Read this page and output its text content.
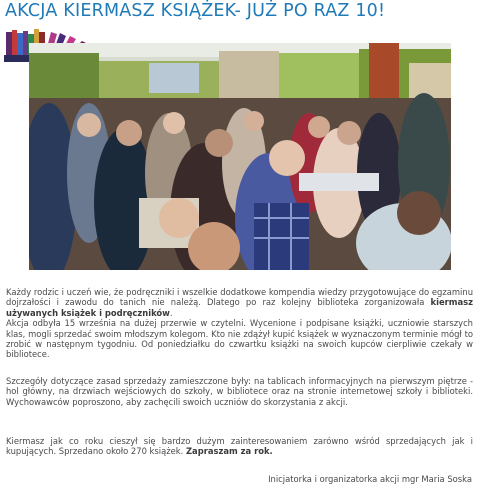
AKCJA KIERMASZ KSIĄŻEK- JUŻ PO RAZ 10!
Każdy rodzic i uczeń wie, że podręczniki i wszelkie dodatkowe kompendia wiedzy przygotowujące do egzaminu dojrzałości i zawodu do tanich nie należą. Dlatego po raz kolejny biblioteka zorganizowała kiermasz używanych książek i podręczników.
Akcja odbyła 15 września na dużej przerwie w czytelni. Wycenione i podpisane książki, uczniowie starszych klas, mogli sprzedać swoim młodszym kolegom. Kto nie zdążył kupić książek w wyznaczonym terminie mógł to zrobić w następnym tygodniu. Od poniedziałku do czwartku książki na swoich kupców cierpliwie czekały w bibliotece.
Szczegóły dotyczące zasad sprzedaży zamieszczone były: na tablicach informacyjnych na pierwszym piętrze - hol główny, na drzwiach wejściowych do szkoły, w bibliotece oraz na stronie internetowej szkoły i biblioteki. Wychowawców poproszono, aby zachęcili swoich uczniów do skorzystania z akcji.
Kiermasz jak co roku cieszył się bardzo dużym zainteresowaniem zarówno wśród sprzedających jak i kupujących. Sprzedano około 270 książek. Zapraszam za rok.
Inicjatorka i organizatorka akcji mgr Maria Soska
